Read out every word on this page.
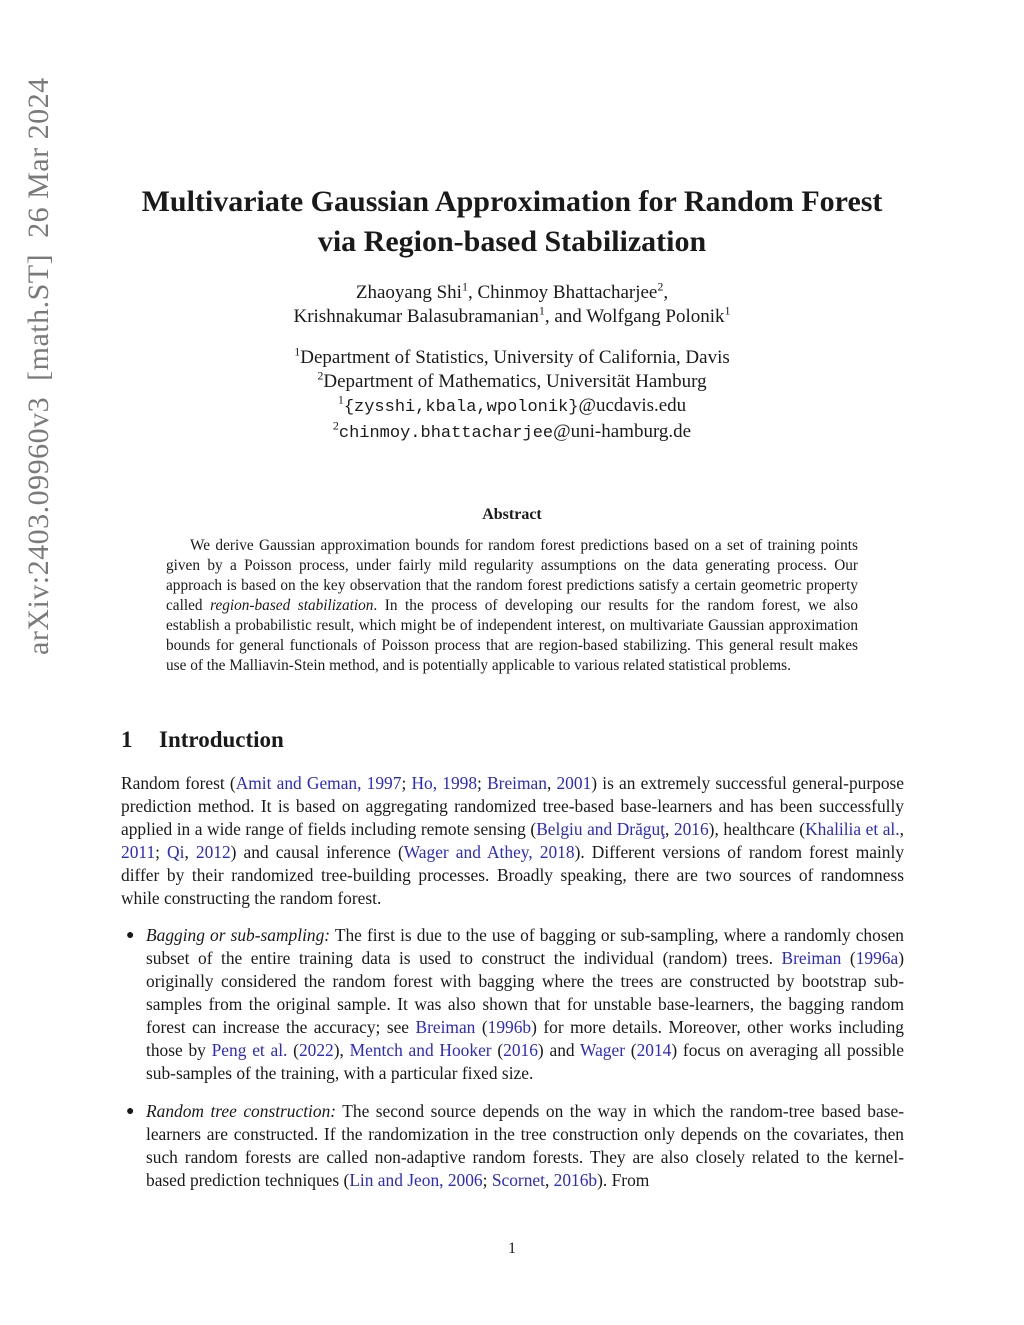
arXiv:2403.09960v3  [math.ST]  26 Mar 2024	Multivariate Gaussian Approximation for Random Forest
via Region-based Stabilization
Zhaoyang Shi$^1$, Chinmoy Bhattacharjee$^2$,
Krishnakumar Balasubramanian$^1$, and Wolfgang Polonik$^1$
$^1$Department of Statistics, University of California, Davis
$^2$Department of Mathematics, Universität Hamburg
$^1${zysshi,kbala,wpolonik}@ucdavis.edu
$^2$chinmoy.bhattacharjee@uni-hamburg.de
Abstract
We derive Gaussian approximation bounds for random forest predictions based on a set of training points given by a Poisson process, under fairly mild regularity assumptions on the data generating process. Our approach is based on the key observation that the random forest predictions satisfy a certain geometric property called region-based stabilization. In the process of developing our results for the random forest, we also establish a probabilistic result, which might be of independent interest, on multivariate Gaussian approximation bounds for general functionals of Poisson process that are region-based stabilizing. This general result makes use of the Malliavin-Stein method, and is potentially applicable to various related statistical problems.
1 Introduction
Random forest (Amit and Geman, 1997; Ho, 1998; Breiman, 2001) is an extremely successful general-purpose prediction method. It is based on aggregating randomized tree-based base-learners and has been successfully applied in a wide range of fields including remote sensing (Belgiu and Drăguţ, 2016), healthcare (Khalilia et al., 2011; Qi, 2012) and causal inference (Wager and Athey, 2018). Different versions of random forest mainly differ by their randomized tree-building processes. Broadly speaking, there are two sources of randomness while constructing the random forest.
● Bagging or sub-sampling: The first is due to the use of bagging or sub-sampling, where a randomly chosen subset of the entire training data is used to construct the individual (random) trees. Breiman (1996a) originally considered the random forest with bagging where the trees are constructed by bootstrap sub-samples from the original sample. It was also shown that for unstable base-learners, the bagging random forest can increase the accuracy; see Breiman (1996b) for more details. Moreover, other works including those by Peng et al. (2022), Mentch and Hooker (2016) and Wager (2014) focus on averaging all possible sub-samples of the training, with a particular fixed size.
● Random tree construction: The second source depends on the way in which the random-tree based base-learners are constructed. If the randomization in the tree construction only depends on the covariates, then such random forests are called non-adaptive random forests. They are also closely related to the kernel-based prediction techniques (Lin and Jeon, 2006; Scornet, 2016b). From
1
